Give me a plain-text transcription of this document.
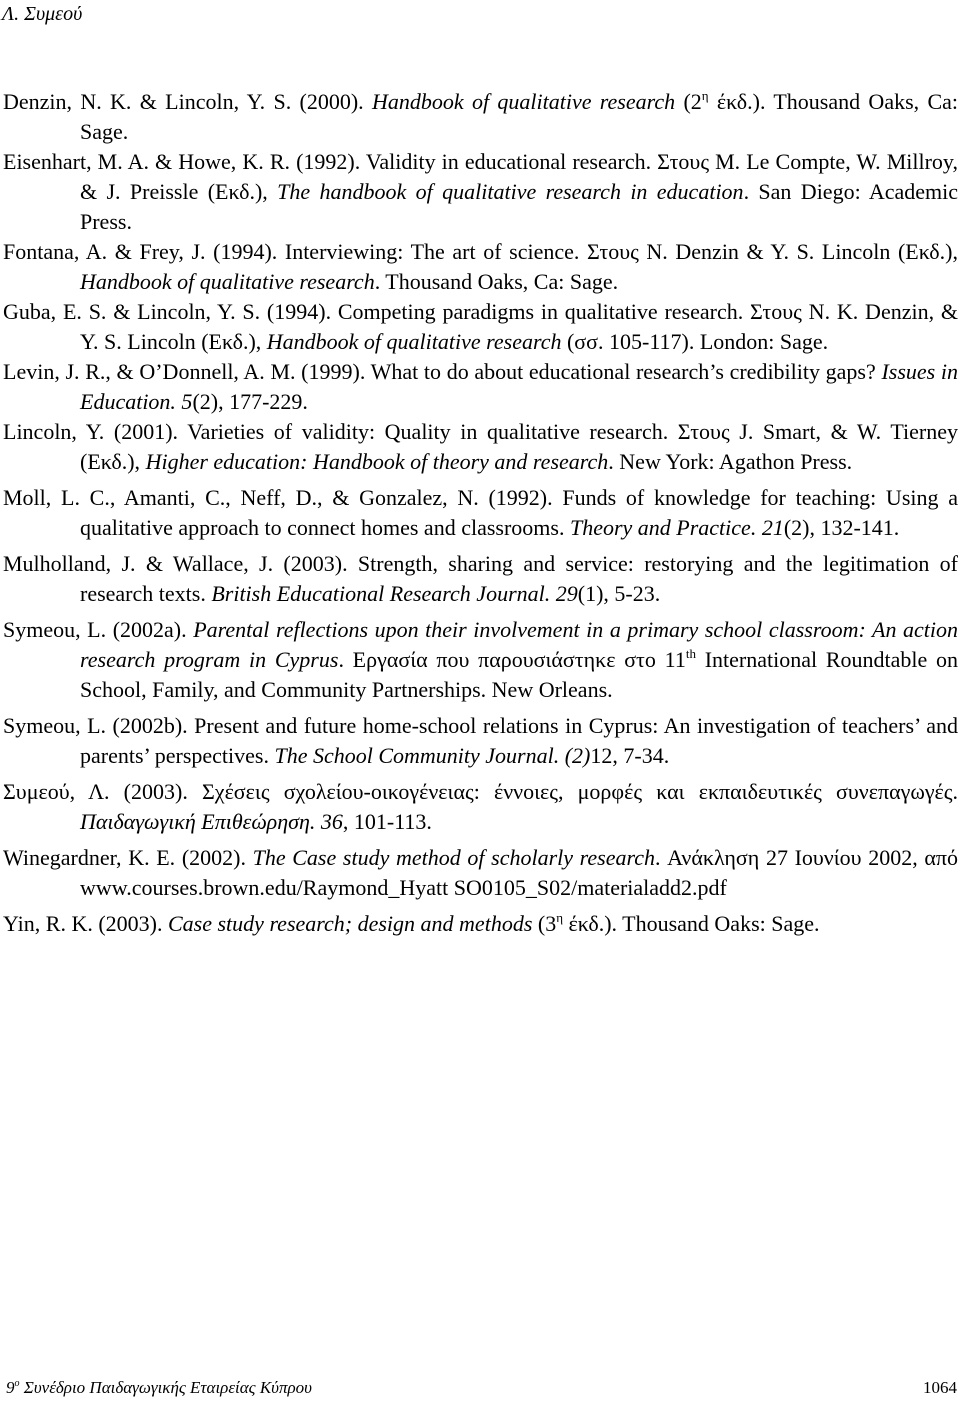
Λ. Συμεού

Denzin, N. K. & Lincoln, Y. S. (2000). Handbook of qualitative research ($2^\eta$ έκδ.). Thousand Oaks, Ca: Sage.

Eisenhart, M. A. & Howe, K. R. (1992). Validity in educational research. Στους M. Le Compte, W. Millroy, & J. Preissle (Εκδ.), The handbook of qualitative research in education. San Diego: Academic Press.

Fontana, A. & Frey, J. (1994). Interviewing: The art of science. Στους N. Denzin & Y. S. Lincoln (Εκδ.), Handbook of qualitative research. Thousand Oaks, Ca: Sage.

Guba, E. S. & Lincoln, Y. S. (1994). Competing paradigms in qualitative research. Στους N. K. Denzin, & Y. S. Lincoln (Εκδ.), Handbook of qualitative research (σσ. 105-117). London: Sage.

Levin, J. R., & O’Donnell, A. M. (1999). What to do about educational research’s credibility gaps? Issues in Education. 5(2), 177-229.

Lincoln, Y. (2001). Varieties of validity: Quality in qualitative research. Στους J. Smart, & W. Tierney (Εκδ.), Higher education: Handbook of theory and research. New York: Agathon Press.

Moll, L. C., Amanti, C., Neff, D., & Gonzalez, N. (1992). Funds of knowledge for teaching: Using a qualitative approach to connect homes and classrooms. Theory and Practice. 21(2), 132-141.

Mulholland, J. & Wallace, J. (2003). Strength, sharing and service: restorying and the legitimation of research texts. British Educational Research Journal. 29(1), 5-23.

Symeou, L. (2002a). Parental reflections upon their involvement in a primary school classroom: An action research program in Cyprus. Εργασία που παρουσιάστηκε στο 11th International Roundtable on School, Family, and Community Partnerships. New Orleans.

Symeou, L. (2002b). Present and future home-school relations in Cyprus: An investigation of teachers’ and parents’ perspectives. The School Community Journal. (2)12, 7-34.

Συμεού, Λ. (2003). Σχέσεις σχολείου-οικογένειας: έννοιες, μορφές και εκπαιδευτικές συνεπαγωγές. Παιδαγωγική Επιθεώρηση. 36, 101-113.

Winegardner, K. E. (2002). The Case study method of scholarly research. Ανάκληση 27 Ιουνίου 2002, από www.courses.brown.edu/Raymond_Hyatt SO0105_S02/materialadd2.pdf

Yin, R. K. (2003). Case study research; design and methods ($3^\eta$ έκδ.). Thousand Oaks: Sage.

$9^o$ Συνέδριο Παιδαγωγικής Εταιρείας Κύπρου	1064
